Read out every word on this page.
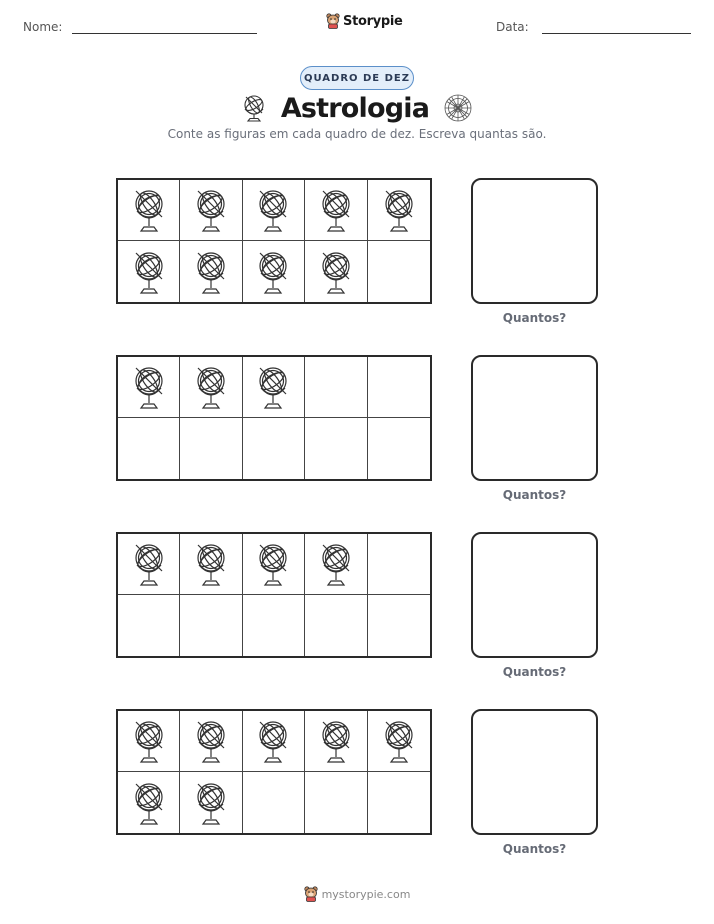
Nome:	Storypie	Data:
QUADRO DE DEZ
Astrologia
Conte as figuras em cada quadro de dez. Escreva quantas são.
Quantos?
Quantos?
Quantos?
Quantos?
mystorypie.com
